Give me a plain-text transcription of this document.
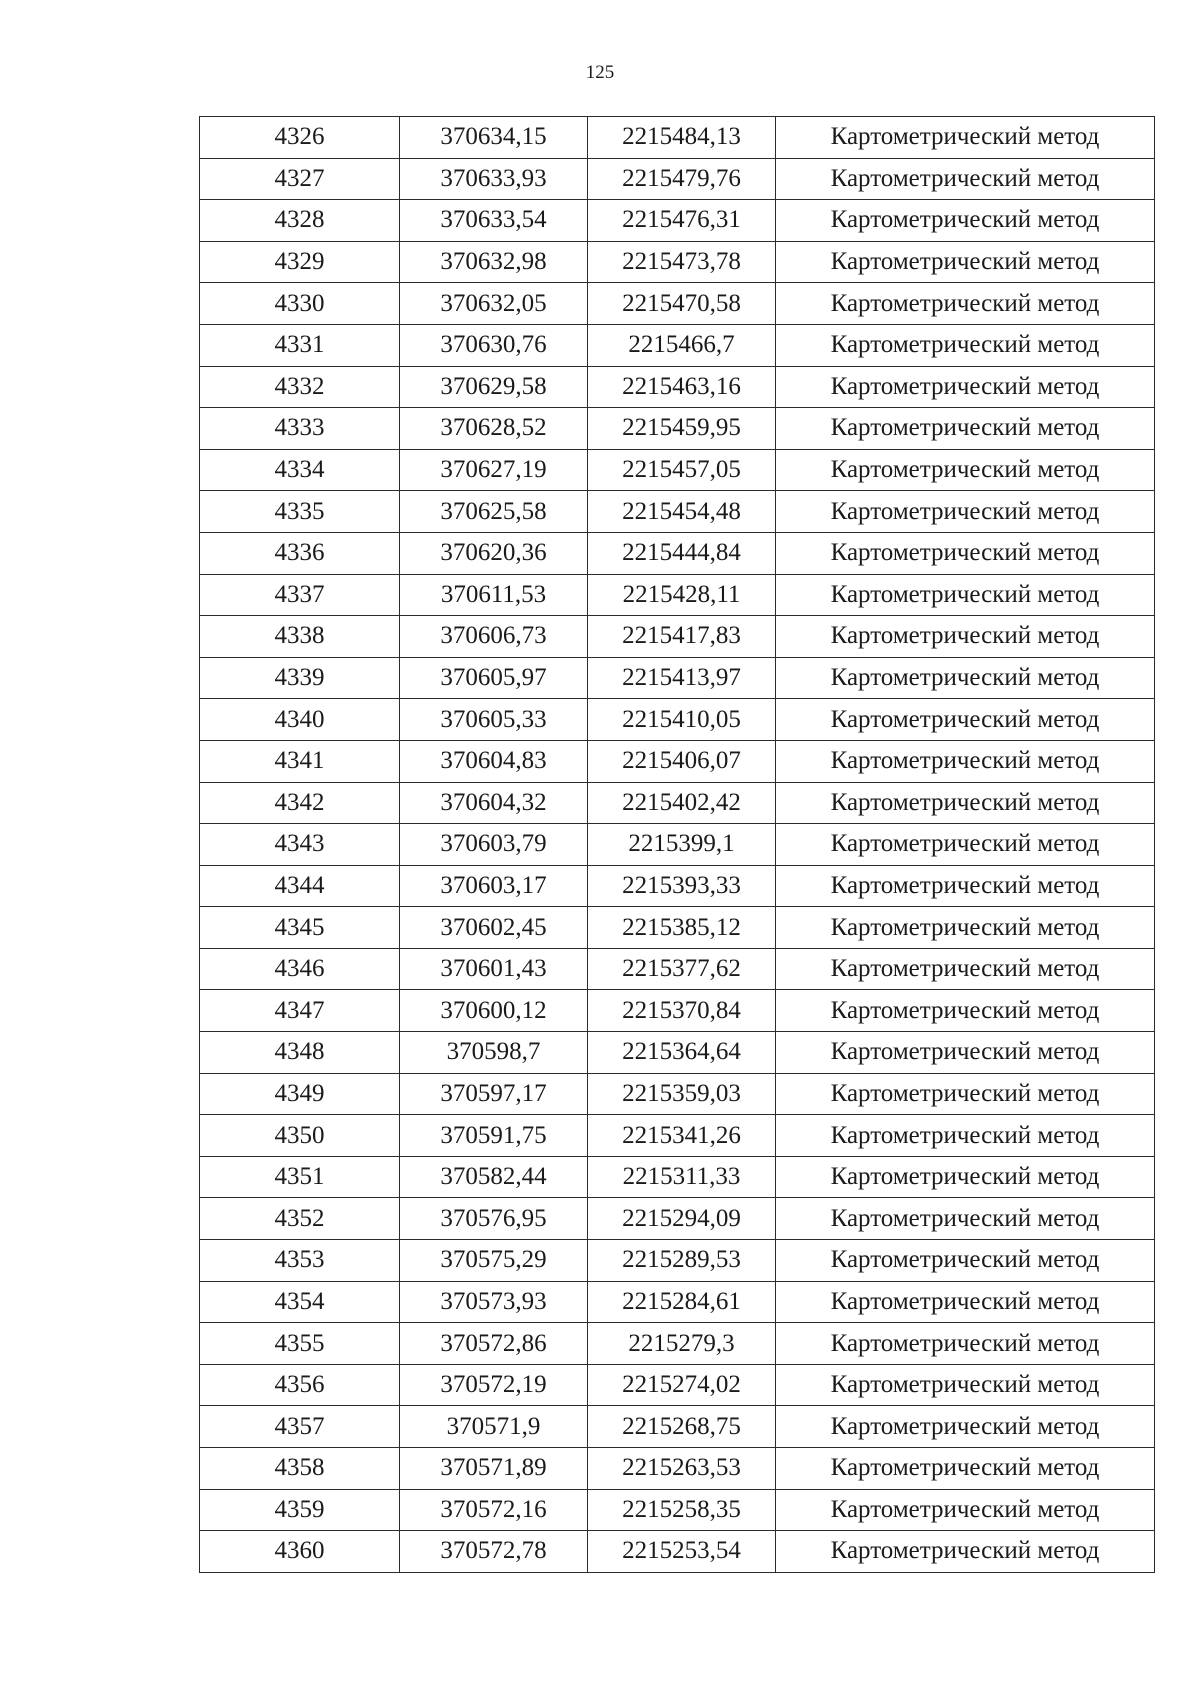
125
4326	370634,15	2215484,13	Картометрический метод
4327	370633,93	2215479,76	Картометрический метод
4328	370633,54	2215476,31	Картометрический метод
4329	370632,98	2215473,78	Картометрический метод
4330	370632,05	2215470,58	Картометрический метод
4331	370630,76	2215466,7	Картометрический метод
4332	370629,58	2215463,16	Картометрический метод
4333	370628,52	2215459,95	Картометрический метод
4334	370627,19	2215457,05	Картометрический метод
4335	370625,58	2215454,48	Картометрический метод
4336	370620,36	2215444,84	Картометрический метод
4337	370611,53	2215428,11	Картометрический метод
4338	370606,73	2215417,83	Картометрический метод
4339	370605,97	2215413,97	Картометрический метод
4340	370605,33	2215410,05	Картометрический метод
4341	370604,83	2215406,07	Картометрический метод
4342	370604,32	2215402,42	Картометрический метод
4343	370603,79	2215399,1	Картометрический метод
4344	370603,17	2215393,33	Картометрический метод
4345	370602,45	2215385,12	Картометрический метод
4346	370601,43	2215377,62	Картометрический метод
4347	370600,12	2215370,84	Картометрический метод
4348	370598,7	2215364,64	Картометрический метод
4349	370597,17	2215359,03	Картометрический метод
4350	370591,75	2215341,26	Картометрический метод
4351	370582,44	2215311,33	Картометрический метод
4352	370576,95	2215294,09	Картометрический метод
4353	370575,29	2215289,53	Картометрический метод
4354	370573,93	2215284,61	Картометрический метод
4355	370572,86	2215279,3	Картометрический метод
4356	370572,19	2215274,02	Картометрический метод
4357	370571,9	2215268,75	Картометрический метод
4358	370571,89	2215263,53	Картометрический метод
4359	370572,16	2215258,35	Картометрический метод
4360	370572,78	2215253,54	Картометрический метод
